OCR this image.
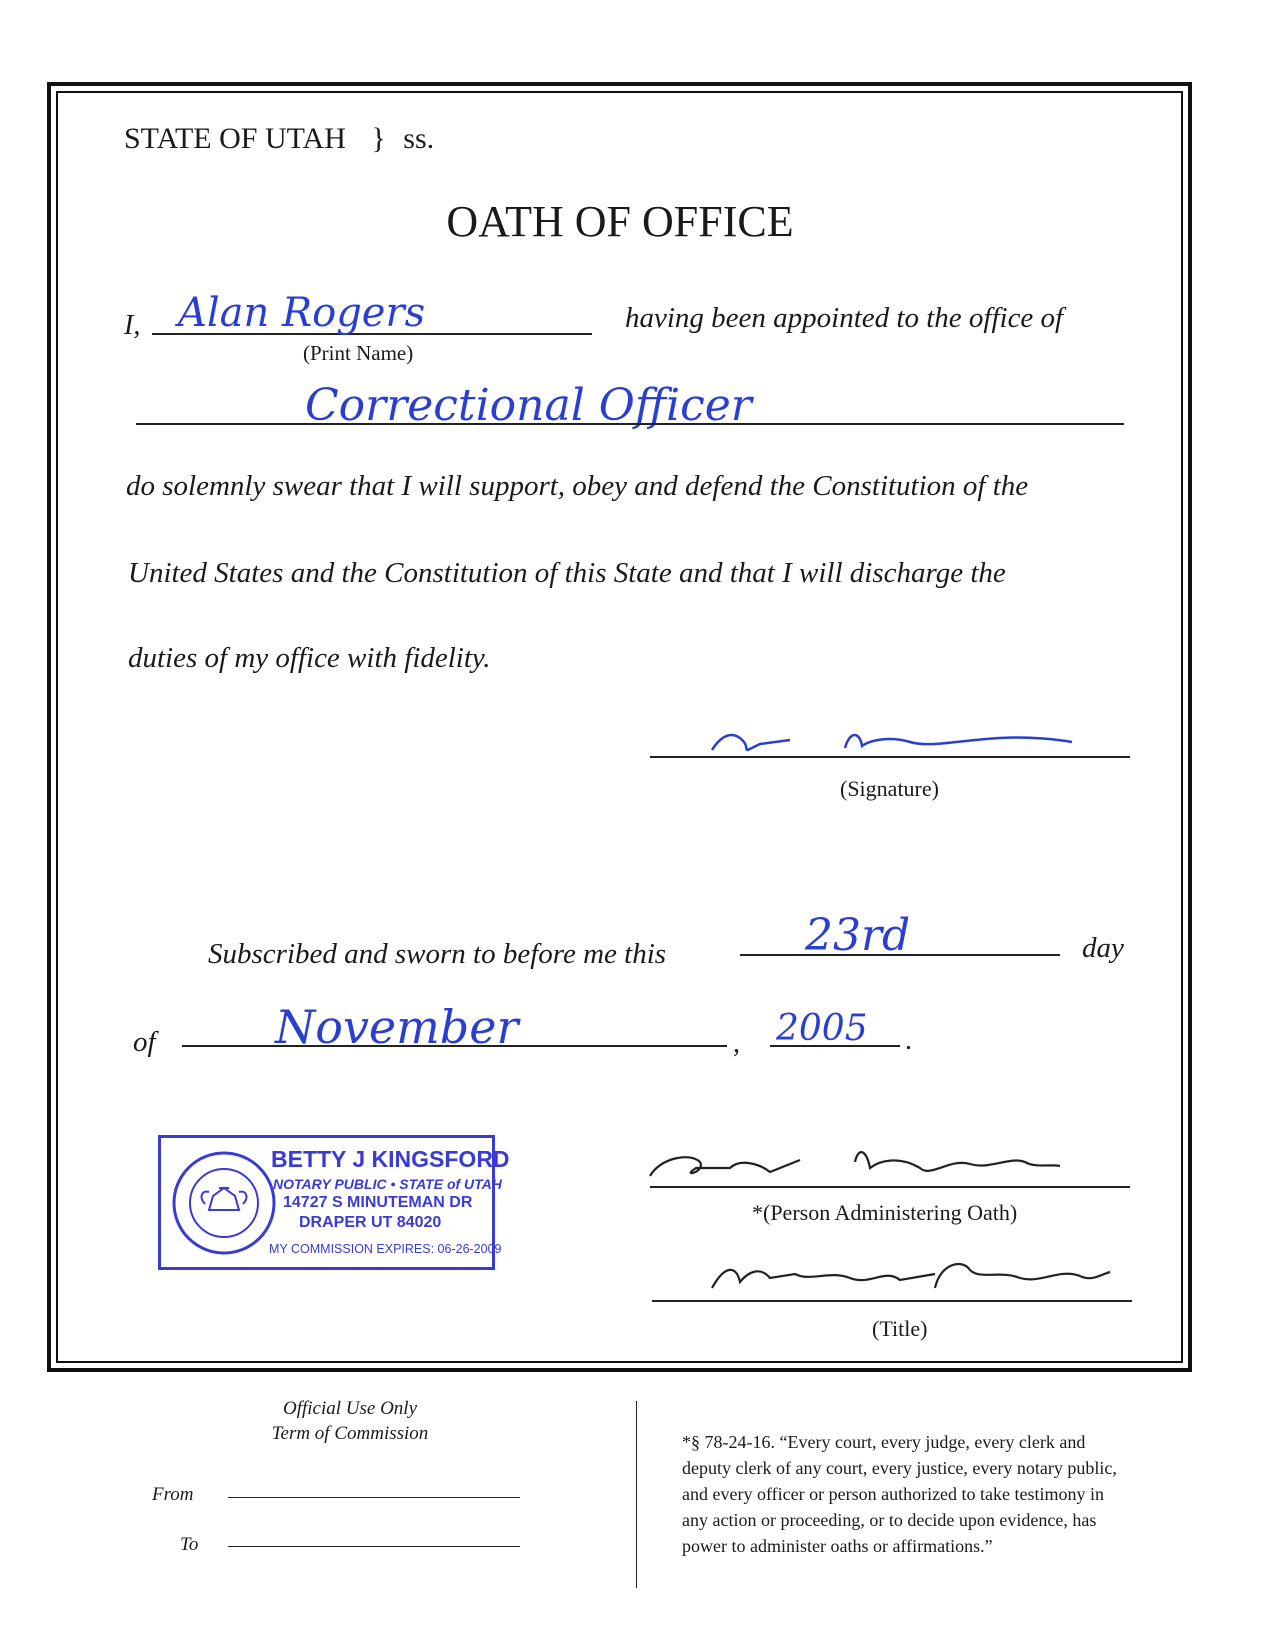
STATE OF UTAH } ss.
OATH OF OFFICE
I, Alan Rogers
(Print Name)
having been appointed to the office of
Correctional Officer
do solemnly swear that I will support, obey and defend the Constitution of the
United States and the Constitution of this State and that I will discharge the
duties of my office with fidelity.
(Signature)
Subscribed and sworn to before me this	23rd	day
of	November	, 2005 .
BETTY J KINGSFORD
NOTARY PUBLIC • STATE of UTAH
14727 S MINUTEMAN DR
DRAPER UT 84020
MY COMMISSION EXPIRES: 06-26-2009
*(Person Administering Oath)
(Title)
Official Use Only
Term of Commission
From
To
*§ 78-24-16. “Every court, every judge, every clerk and
deputy clerk of any court, every justice, every notary public,
and every officer or person authorized to take testimony in
any action or proceeding, or to decide upon evidence, has
power to administer oaths or affirmations.”
